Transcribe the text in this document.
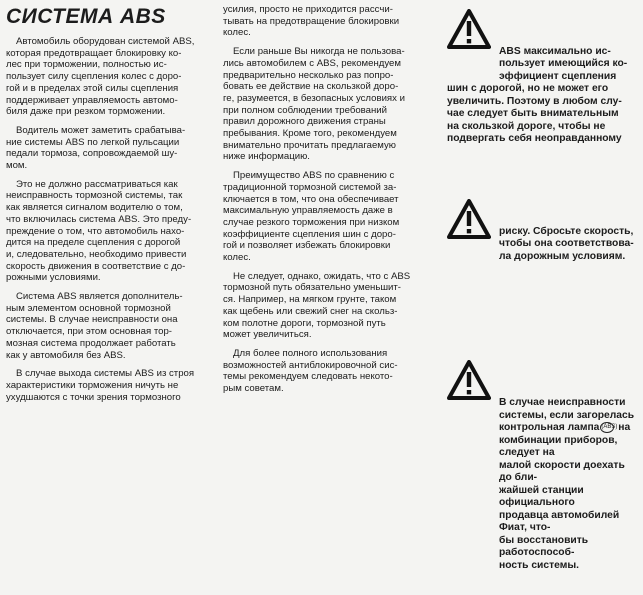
СИСТЕМА ABS

Автомобиль оборудован системой ABS,
которая предотвращает блокировку ко-
лес при торможении, полностью ис-
пользует силу сцепления колес с доро-
гой и в пределах этой силы сцепления
поддерживает управляемость автомо-
биля даже при резком торможении.

Водитель может заметить срабатыва-
ние системы ABS по легкой пульсации
педали тормоза, сопровождаемой шу-
мом.

Это не должно рассматриваться как
неисправность тормозной системы, так
как является сигналом водителю о том,
что включилась система ABS. Это преду-
преждение о том, что автомобиль нахо-
дится на пределе сцепления с дорогой
и, следовательно, необходимо привести
скорость движения в соответствие с до-
рожными условиями.

Система ABS является дополнитель-
ным элементом основной тормозной
системы. В случае неисправности она
отключается, при этом основная тор-
мозная система продолжает работать
как у автомобиля без ABS.

В случае выхода системы ABS из строя
характеристики торможения ничуть не
ухудшаются с точки зрения тормозного

усилия, просто не приходится рассчи-
тывать на предотвращение блокировки
колес.

Если раньше Вы никогда не пользова-
лись автомобилем с ABS, рекомендуем
предварительно несколько раз попро-
бовать ее действие на скользкой доро-
ге, разумеется, в безопасных условиях и
при полном соблюдении требований
правил дорожного движения страны
пребывания. Кроме того, рекомендуем
внимательно прочитать предлагаемую
ниже информацию.

Преимущество ABS по сравнению с
традиционной тормозной системой за-
ключается в том, что она обеспечивает
максимальную управляемость даже в
случае резкого торможения при низком
коэффициенте сцепления шин с доро-
гой и позволяет избежать блокировки
колес.

Не следует, однако, ожидать, что с ABS
тормозной путь обязательно уменьшит-
ся. Например, на мягком грунте, таком
как щебень или свежий снег на скольз-
ком полотне дороги, тормозной путь
может увеличиться.

Для более полного использования
возможностей антиблокировочной сис-
темы рекомендуем следовать некото-
рым советам.

ABS максимально ис-
пользует имеющийся ко-
эффициент сцепления
шин с дорогой, но не может его
увеличить. Поэтому в любом слу-
чае следует быть внимательным
на скользкой дороге, чтобы не
подвергать себя неоправданному

риску. Сбросьте скорость,
чтобы она соответствова-
ла дорожным условиям.

В случае неисправности
системы, если загорелась
контрольная лампа (ABS) на
комбинации приборов, следует на
малой скорости доехать до бли-
жайшей станции официального
продавца автомобилей Фиат, что-
бы восстановить работоспособ-
ность системы.
